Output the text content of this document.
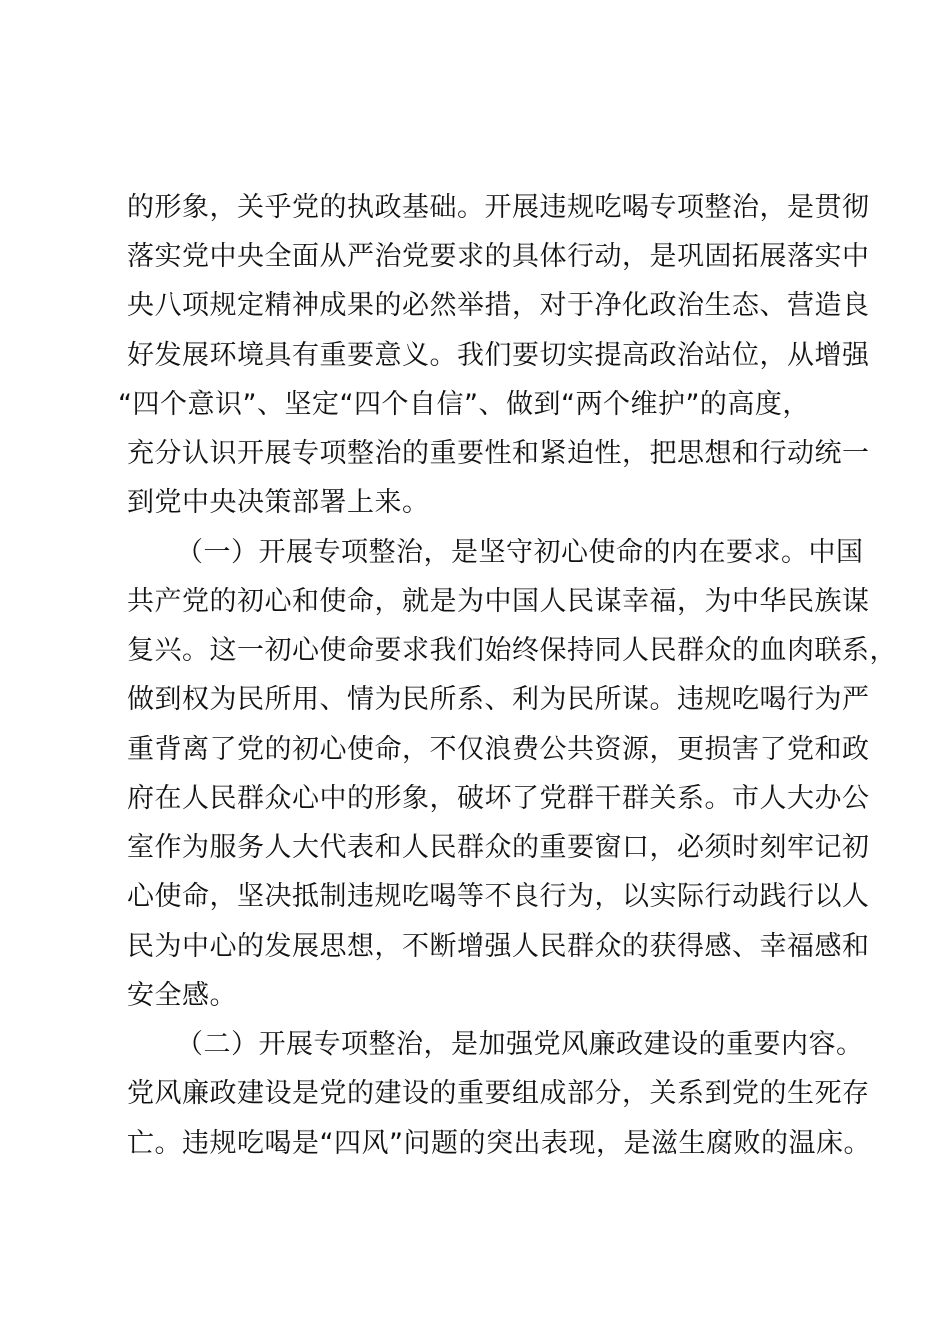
的形象，关乎党的执政基础。开展违规吃喝专项整治，是贯彻
落实党中央全面从严治党要求的具体行动，是巩固拓展落实中
央八项规定精神成果的必然举措，对于净化政治生态、营造良
好发展环境具有重要意义。我们要切实提高政治站位，从增强
“四个意识”、坚定“四个自信”、做到“两个维护”的高度，
充分认识开展专项整治的重要性和紧迫性，把思想和行动统一
到党中央决策部署上来。
（一）开展专项整治，是坚守初心使命的内在要求。中国
共产党的初心和使命，就是为中国人民谋幸福，为中华民族谋
复兴。这一初心使命要求我们始终保持同人民群众的血肉联系，
做到权为民所用、情为民所系、利为民所谋。违规吃喝行为严
重背离了党的初心使命，不仅浪费公共资源，更损害了党和政
府在人民群众心中的形象，破坏了党群干群关系。市人大办公
室作为服务人大代表和人民群众的重要窗口，必须时刻牢记初
心使命，坚决抵制违规吃喝等不良行为，以实际行动践行以人
民为中心的发展思想，不断增强人民群众的获得感、幸福感和
安全感。
（二）开展专项整治，是加强党风廉政建设的重要内容。
党风廉政建设是党的建设的重要组成部分，关系到党的生死存
亡。违规吃喝是“四风”问题的突出表现，是滋生腐败的温床。
